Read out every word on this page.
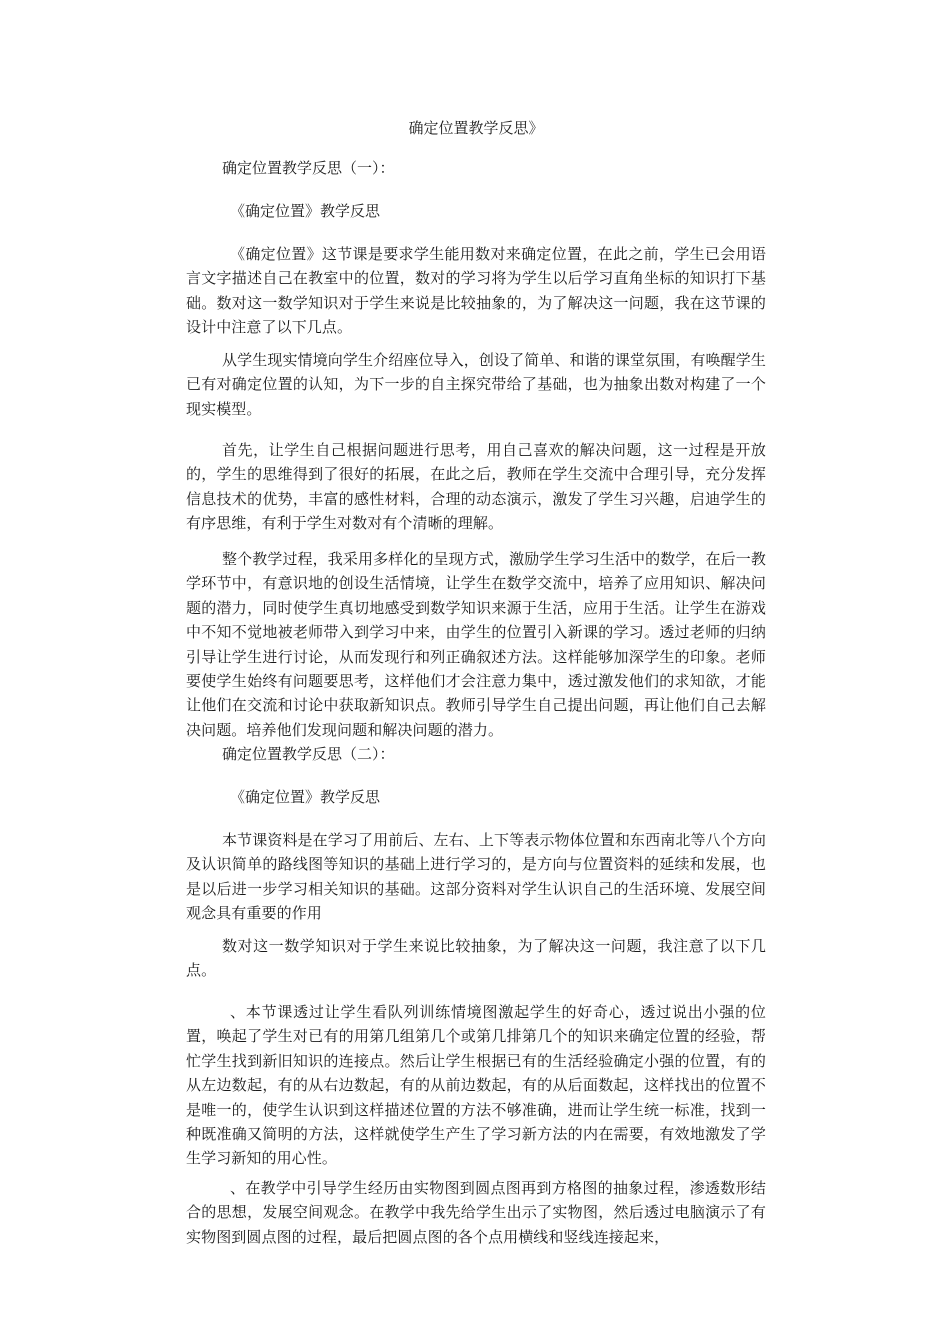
确定位置教学反思》

确定位置教学反思（一）：

《确定位置》教学反思

《确定位置》这节课是要求学生能用数对来确定位置，在此之前，学生已会用语言文字描述自己在教室中的位置，数对的学习将为学生以后学习直角坐标的知识打下基础。数对这一数学知识对于学生来说是比较抽象的，为了解决这一问题，我在这节课的设计中注意了以下几点。

从学生现实情境向学生介绍座位导入，创设了简单、和谐的课堂氛围，有唤醒学生已有对确定位置的认知，为下一步的自主探究带给了基础，也为抽象出数对构建了一个现实模型。

首先，让学生自己根据问题进行思考，用自己喜欢的解决问题，这一过程是开放的，学生的思维得到了很好的拓展，在此之后，教师在学生交流中合理引导，充分发挥信息技术的优势，丰富的感性材料，合理的动态演示，激发了学生习兴趣，启迪学生的有序思维，有利于学生对数对有个清晰的理解。

整个教学过程，我采用多样化的呈现方式，激励学生学习生活中的数学，在后一教学环节中，有意识地的创设生活情境，让学生在数学交流中，培养了应用知识、解决问题的潜力，同时使学生真切地感受到数学知识来源于生活，应用于生活。让学生在游戏中不知不觉地被老师带入到学习中来，由学生的位置引入新课的学习。透过老师的归纳引导让学生进行讨论，从而发现行和列正确叙述方法。这样能够加深学生的印象。老师要使学生始终有问题要思考，这样他们才会注意力集中，透过激发他们的求知欲，才能让他们在交流和讨论中获取新知识点。教师引导学生自己提出问题，再让他们自己去解决问题。培养他们发现问题和解决问题的潜力。

确定位置教学反思（二）：

《确定位置》教学反思

本节课资料是在学习了用前后、左右、上下等表示物体位置和东西南北等八个方向及认识简单的路线图等知识的基础上进行学习的，是方向与位置资料的延续和发展，也是以后进一步学习相关知识的基础。这部分资料对学生认识自己的生活环境、发展空间观念具有重要的作用

数对这一数学知识对于学生来说比较抽象，为了解决这一问题，我注意了以下几点。

、本节课透过让学生看队列训练情境图激起学生的好奇心，透过说出小强的位置，唤起了学生对已有的用第几组第几个或第几排第几个的知识来确定位置的经验，帮忙学生找到新旧知识的连接点。然后让学生根据已有的生活经验确定小强的位置，有的从左边数起，有的从右边数起，有的从前边数起，有的从后面数起，这样找出的位置不是唯一的，使学生认识到这样描述位置的方法不够准确，进而让学生统一标准，找到一种既准确又简明的方法，这样就使学生产生了学习新方法的内在需要，有效地激发了学生学习新知的用心性。

、在教学中引导学生经历由实物图到圆点图再到方格图的抽象过程，渗透数形结合的思想，发展空间观念。在教学中我先给学生出示了实物图，然后透过电脑演示了有实物图到圆点图的过程，最后把圆点图的各个点用横线和竖线连接起来，
